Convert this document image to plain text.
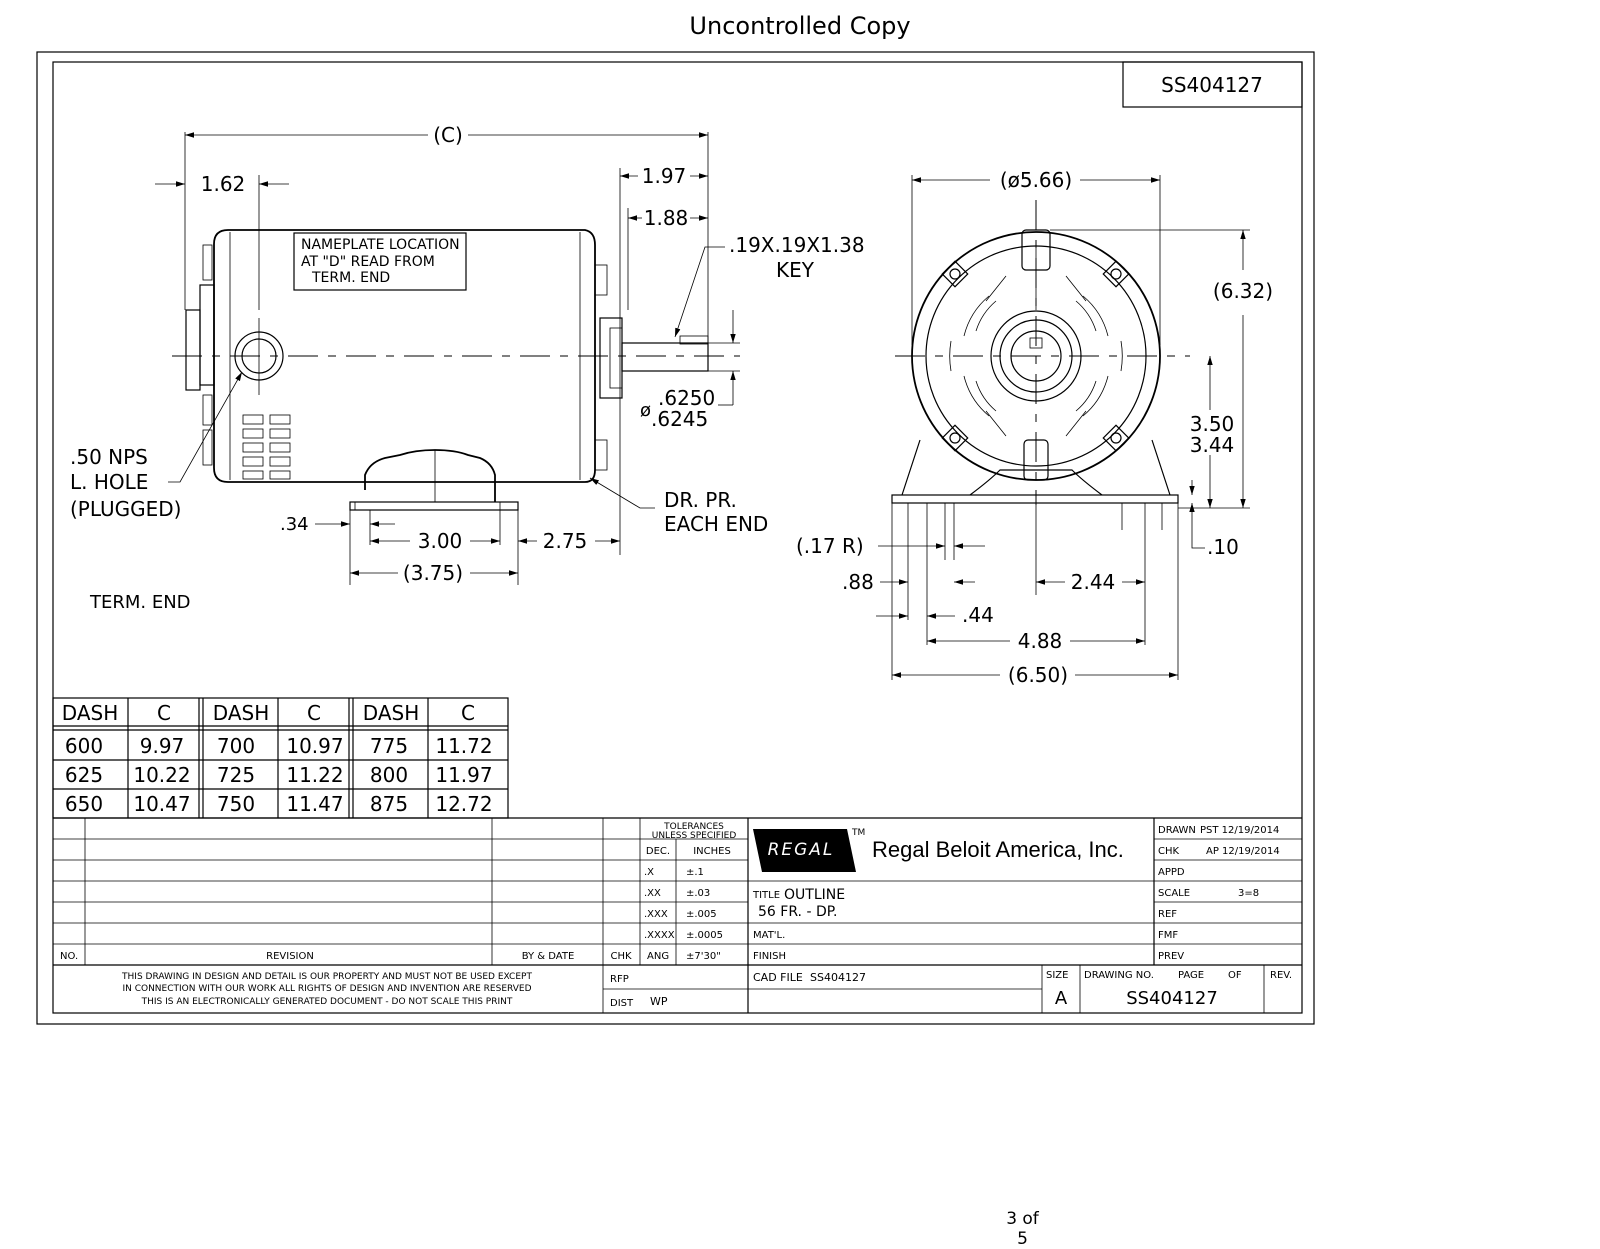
Uncontrolled Copy
3 of 5
SS404127
(C)
1.62	1.97
1.88
.19X.19X1.38
KEY
NAMEPLATE LOCATION
AT "D" READ FROM
TERM. END
.50 NPS
L. HOLE
(PLUGGED)	DR. PR.
EACH END
.34
3.00	2.75
(3.75)
ø
.6250
.6245
TERM. END
(ø5.66)
(6.32)
3.50
3.44
.10
(.17 R)
.88	2.44
.44
4.88
(6.50)
DASH C DASH C DASH C
600 9.97 700 10.97 775 11.72
625 10.22 725 11.22 800 11.97
650 10.47 750 11.47 875 12.72
NO.	REVISION	BY & DATE	CHK
THIS DRAWING IN DESIGN AND DETAIL IS OUR PROPERTY AND MUST NOT BE USED EXCEPT
IN CONNECTION WITH OUR WORK ALL RIGHTS OF DESIGN AND INVENTION ARE RESERVED
THIS IS AN ELECTRONICALLY GENERATED DOCUMENT - DO NOT SCALE THIS PRINT
RFP
DIST WP
TOLERANCES
UNLESS SPECIFIED
DEC. INCHES
.X	±.1
.XX	±.03
.XXX ±.005
.XXXX ±.0005
ANG ±7'30"
REGAL
TM
Regal Beloit America, Inc.
TITLE OUTLINE
56 FR. - DP.
MAT'L.
FINISH
CAD FILE SS404127
DRAWN PST 12/19/2014
CHK	AP 12/19/2014
APPD
SCALE	3=8
REF
FMF
PREV
SIZE
A
DRAWING NO. PAGE OF	REV.
SS404127
